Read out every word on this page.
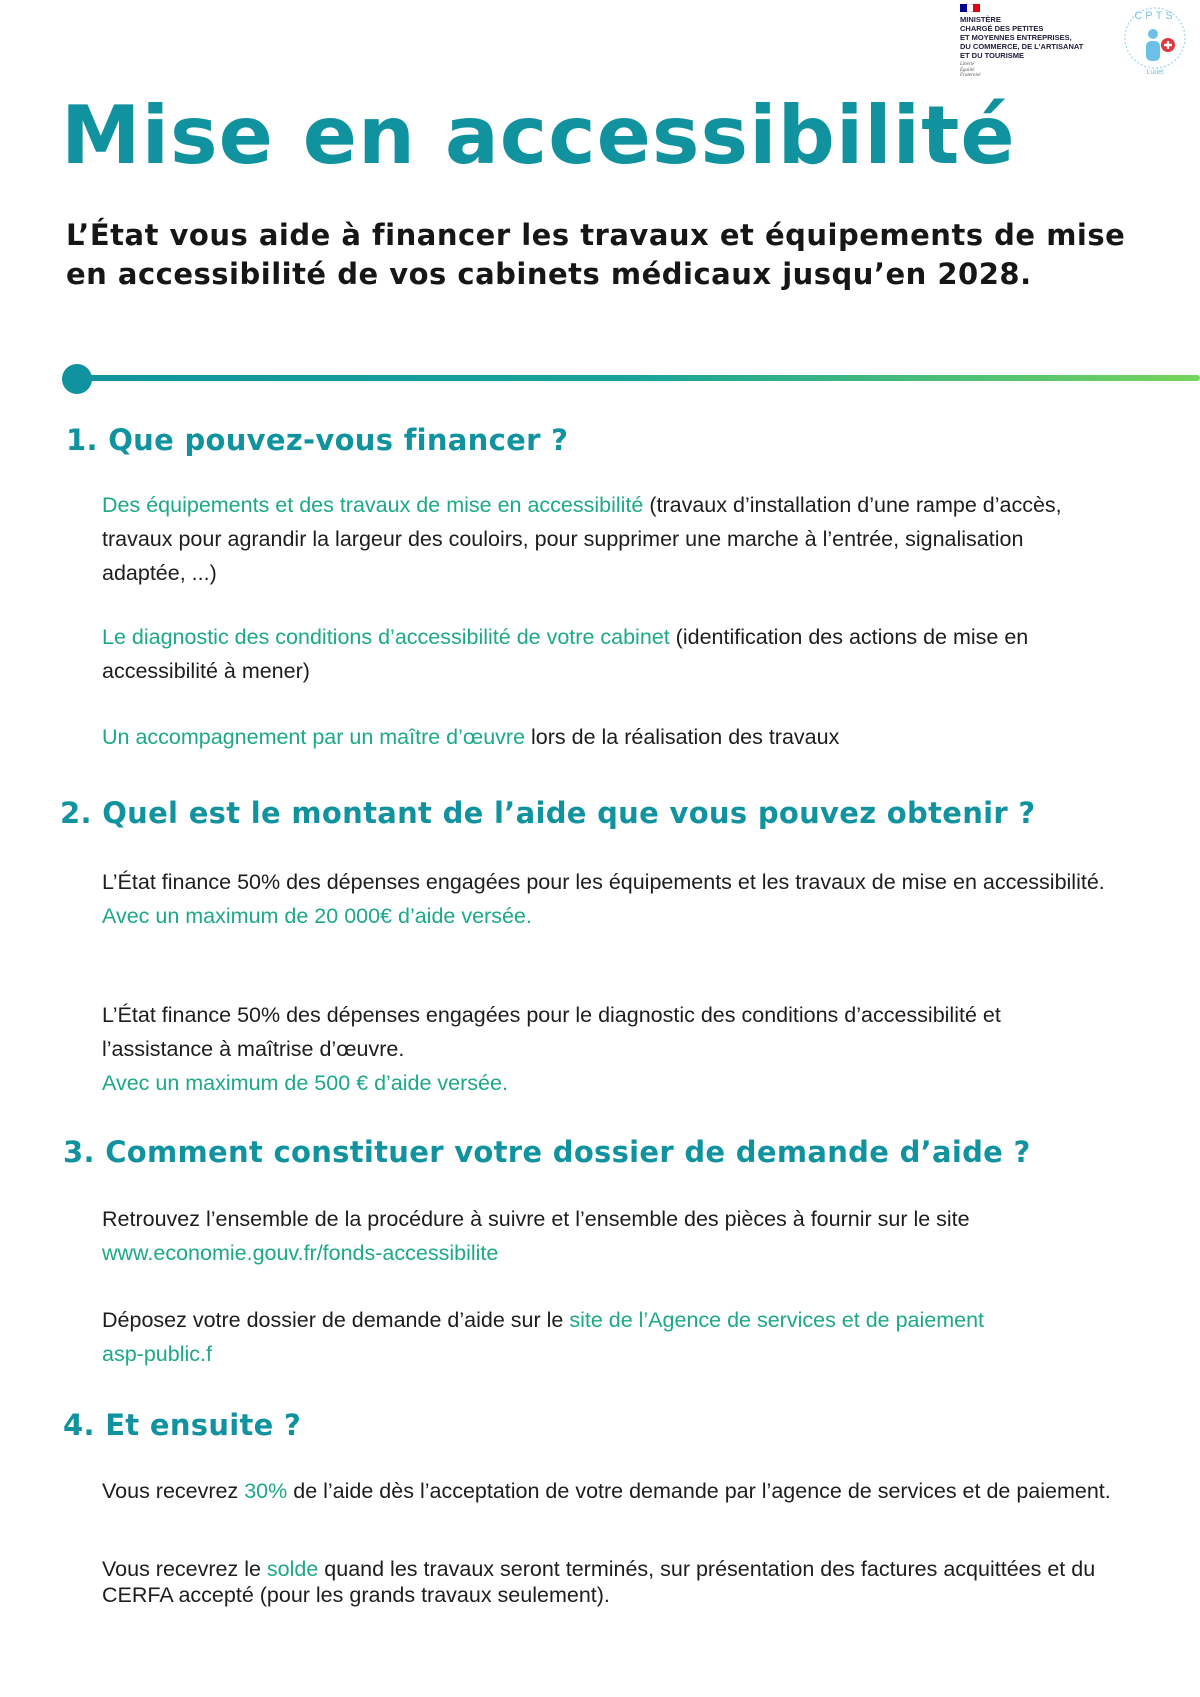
MINISTÈRE
CHARGÉ DES PETITES
ET MOYENNES ENTREPRISES,
DU COMMERCE, DE L'ARTISANAT
ET DU TOURISME
Liberté
Égalité
Fraternité
CPTS
Lunel
Mise en accessibilité
L’État vous aide à financer les travaux et équipements de mise en accessibilité de vos cabinets médicaux jusqu’en 2028.
1. Que pouvez-vous financer ?

Des équipements et des travaux de mise en accessibilité (travaux d’installation d’une rampe d’accès, travaux pour agrandir la largeur des couloirs, pour supprimer une marche à l’entrée, signalisation adaptée, ...)

Le diagnostic des conditions d’accessibilité de votre cabinet (identification des actions de mise en accessibilité à mener)

Un accompagnement par un maître d’œuvre lors de la réalisation des travaux

2. Quel est le montant de l’aide que vous pouvez obtenir ?

L’État finance 50% des dépenses engagées pour les équipements et les travaux de mise en accessibilité.
Avec un maximum de 20 000€ d’aide versée.

L’État finance 50% des dépenses engagées pour le diagnostic des conditions d’accessibilité et l’assistance à maîtrise d’œuvre.
Avec un maximum de 500 € d’aide versée.

3. Comment constituer votre dossier de demande d’aide ?

Retrouvez l’ensemble de la procédure à suivre et l’ensemble des pièces à fournir sur le site
www.economie.gouv.fr/fonds-accessibilite

Déposez votre dossier de demande d’aide sur le site de l’Agence de services et de paiement
asp-public.f

4. Et ensuite ?

Vous recevrez 30% de l’aide dès l’acceptation de votre demande par l’agence de services et de paiement.

Vous recevrez le solde quand les travaux seront terminés, sur présentation des factures acquittées et du CERFA accepté (pour les grands travaux seulement).
